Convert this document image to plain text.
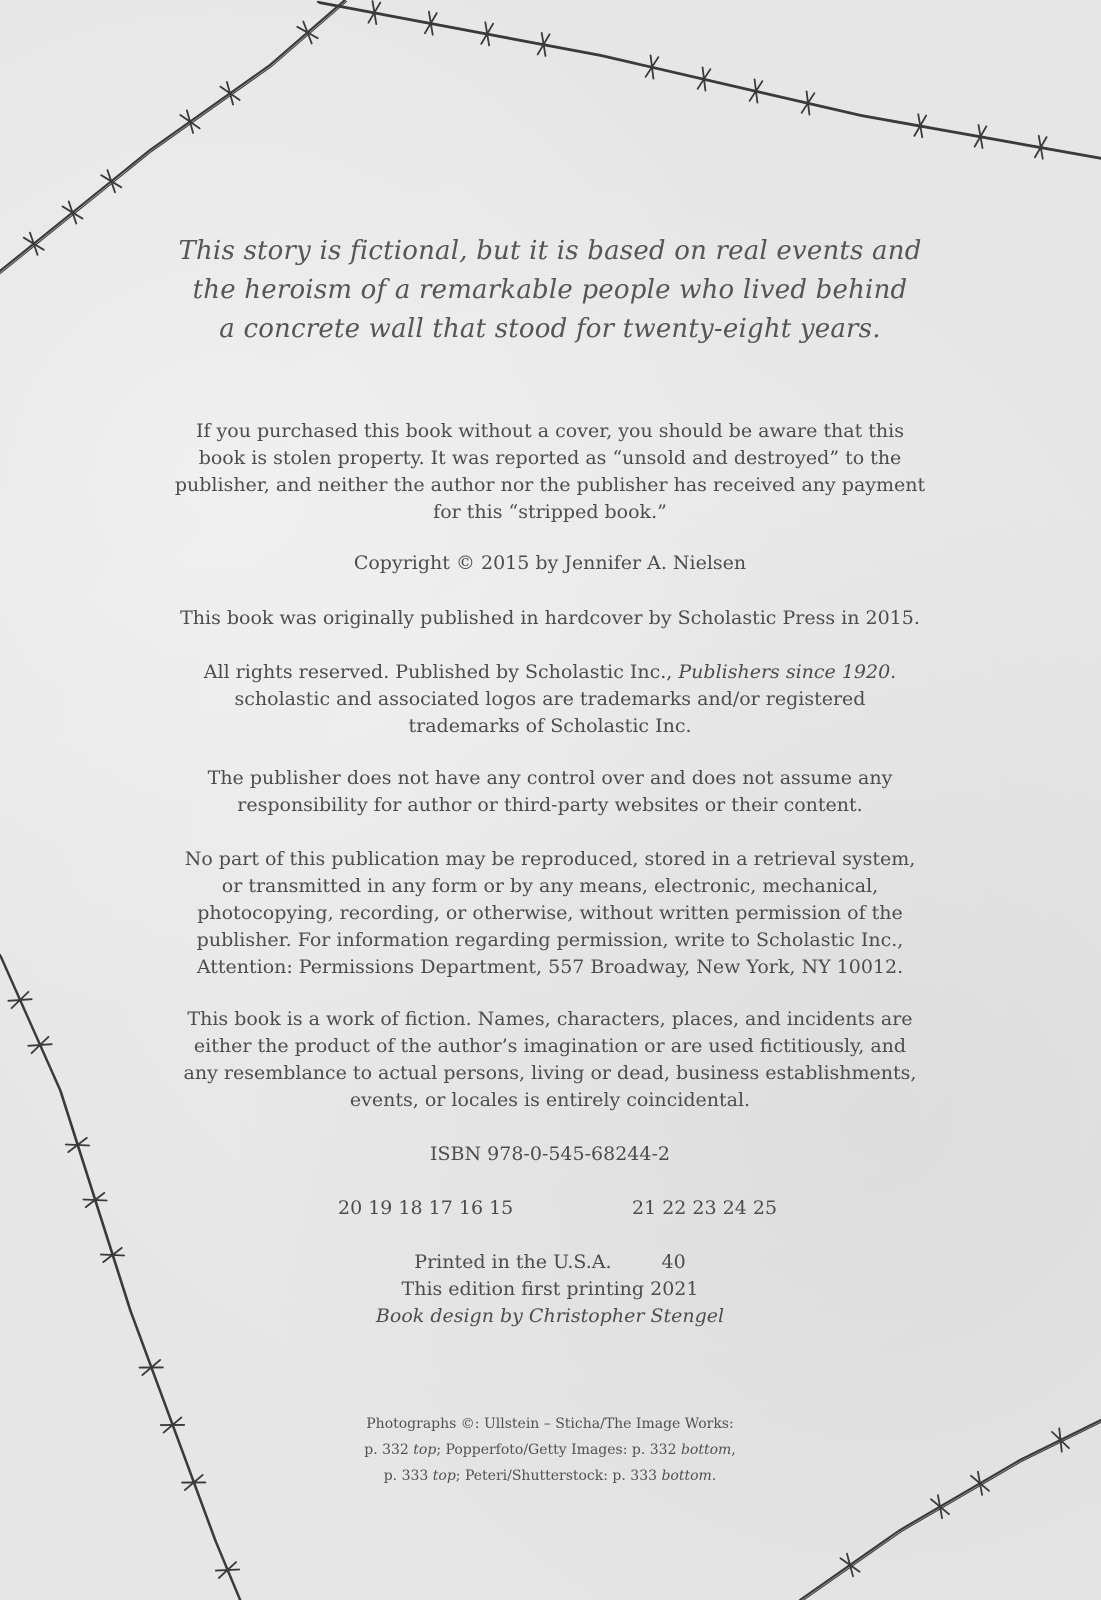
This story is fictional, but it is based on real events and
the heroism of a remarkable people who lived behind
a concrete wall that stood for twenty-eight years.
If you purchased this book without a cover, you should be aware that this
book is stolen property. It was reported as “unsold and destroyed” to the
publisher, and neither the author nor the publisher has received any payment
for this “stripped book.”
Copyright © 2015 by Jennifer A. Nielsen
This book was originally published in hardcover by Scholastic Press in 2015.
All rights reserved. Published by Scholastic Inc., Publishers since 1920.
scholastic and associated logos are trademarks and/or registered
trademarks of Scholastic Inc.
The publisher does not have any control over and does not assume any
responsibility for author or third-party websites or their content.
No part of this publication may be reproduced, stored in a retrieval system,
or transmitted in any form or by any means, electronic, mechanical,
photocopying, recording, or otherwise, without written permission of the
publisher. For information regarding permission, write to Scholastic Inc.,
Attention: Permissions Department, 557 Broadway, New York, NY 10012.
This book is a work of fiction. Names, characters, places, and incidents are
either the product of the author’s imagination or are used fictitiously, and
any resemblance to actual persons, living or dead, business establishments,
events, or locales is entirely coincidental.
ISBN 978-0-545-68244-2
20 19 18 17 16 15	21 22 23 24 25
Printed in the U.S.A.	40
This edition first printing 2021
Book design by Christopher Stengel
Photographs ©: Ullstein – Sticha/The Image Works:
p. 332 top; Popperfoto/Getty Images: p. 332 bottom,
p. 333 top; Peteri/Shutterstock: p. 333 bottom.
